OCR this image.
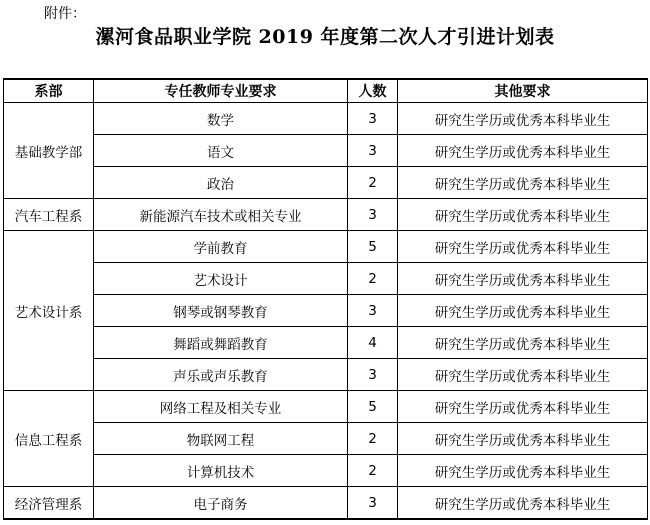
附件：
漯河食品职业学院 2019 年度第二次人才引进计划表
系部	专任教师专业要求	人数	其他要求
基础教学部	数学	3	研究生学历或优秀本科毕业生
	语文	3	研究生学历或优秀本科毕业生
	政治	2	研究生学历或优秀本科毕业生
汽车工程系	新能源汽车技术或相关专业	3	研究生学历或优秀本科毕业生
艺术设计系	学前教育	5	研究生学历或优秀本科毕业生
	艺术设计	2	研究生学历或优秀本科毕业生
	钢琴或钢琴教育	3	研究生学历或优秀本科毕业生
	舞蹈或舞蹈教育	4	研究生学历或优秀本科毕业生
	声乐或声乐教育	3	研究生学历或优秀本科毕业生
信息工程系	网络工程及相关专业	5	研究生学历或优秀本科毕业生
	物联网工程	2	研究生学历或优秀本科毕业生
	计算机技术	2	研究生学历或优秀本科毕业生
经济管理系	电子商务	3	研究生学历或优秀本科毕业生
